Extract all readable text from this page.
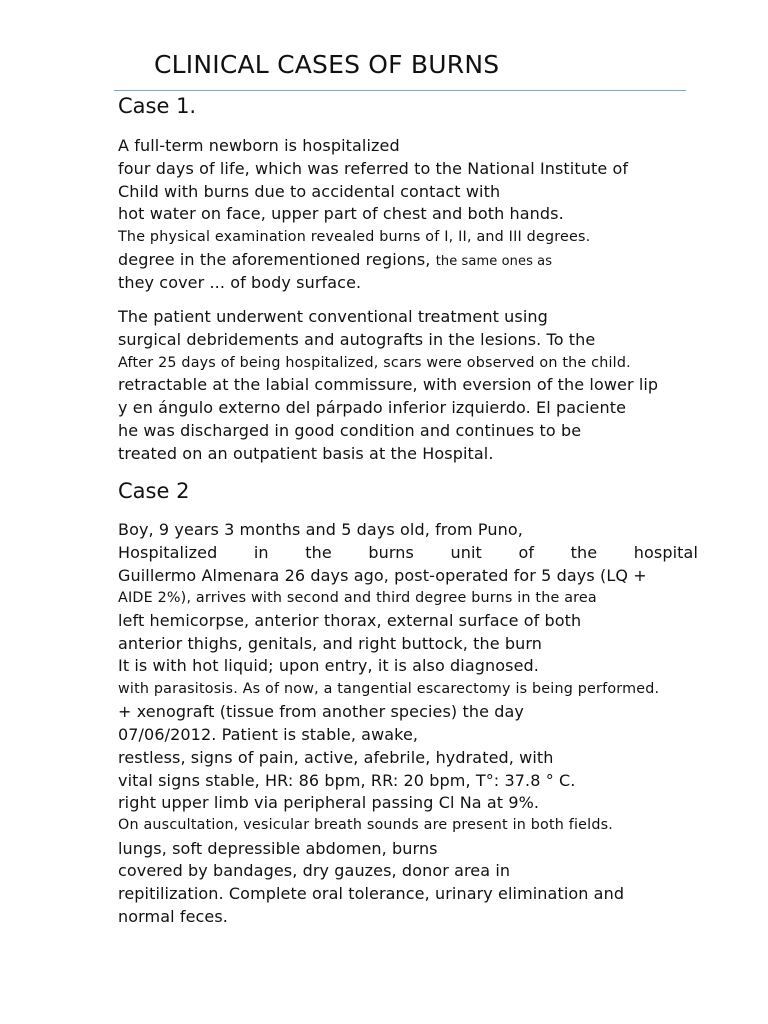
CLINICAL CASES OF BURNS
Case 1.
A full-term newborn is hospitalized
four days of life, which was referred to the National Institute of
Child with burns due to accidental contact with
hot water on face, upper part of chest and both hands.
The physical examination revealed burns of I, II, and III degrees.
degree in the aforementioned regions, the same ones as
they cover ... of body surface.
The patient underwent conventional treatment using
surgical debridements and autografts in the lesions. To the
After 25 days of being hospitalized, scars were observed on the child.
retractable at the labial commissure, with eversion of the lower lip
y en ángulo externo del párpado inferior izquierdo. El paciente
he was discharged in good condition and continues to be
treated on an outpatient basis at the Hospital.
Case 2
Boy, 9 years 3 months and 5 days old, from Puno,
Hospitalized in the burns unit of the hospital
Guillermo Almenara 26 days ago, post-operated for 5 days (LQ +
AIDE 2%), arrives with second and third degree burns in the area
left hemicorpse, anterior thorax, external surface of both
anterior thighs, genitals, and right buttock, the burn
It is with hot liquid; upon entry, it is also diagnosed.
with parasitosis. As of now, a tangential escarectomy is being performed.
+ xenograft (tissue from another species) the day
07/06/2012. Patient is stable, awake,
restless, signs of pain, active, afebrile, hydrated, with
vital signs stable, HR: 86 bpm, RR: 20 bpm, T°: 37.8 ° C.
right upper limb via peripheral passing Cl Na at 9%.
On auscultation, vesicular breath sounds are present in both fields.
lungs, soft depressible abdomen, burns
covered by bandages, dry gauzes, donor area in
repitilization. Complete oral tolerance, urinary elimination and
normal feces.
